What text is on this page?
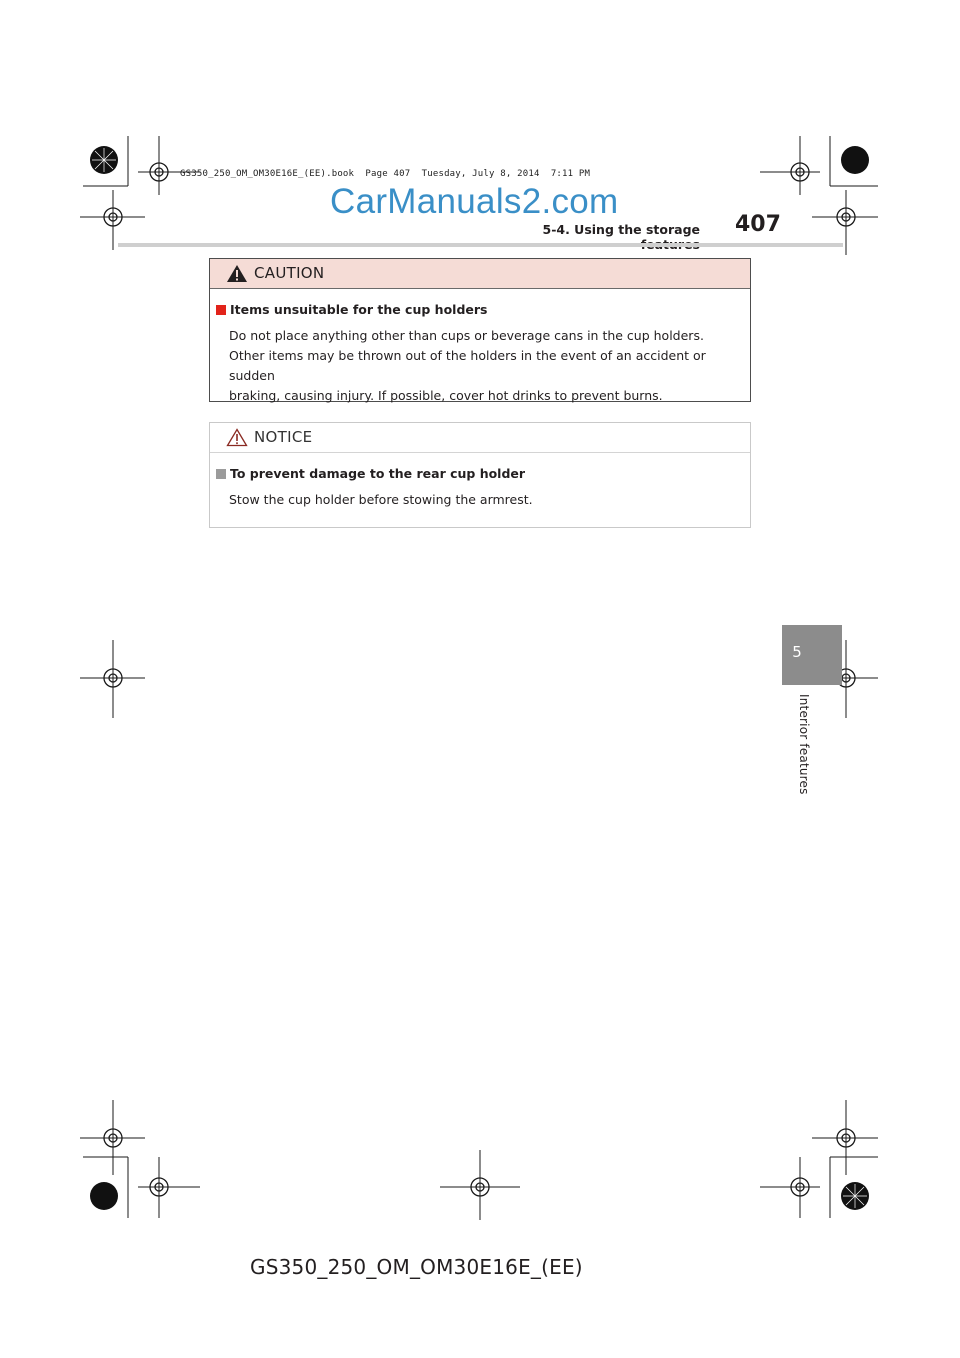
GS350_250_OM_OM30E16E_(EE).book  Page 407  Tuesday, July 8, 2014  7:11 PM
CarManuals2.com
5-4. Using the storage 407
CAUTION
Items unsuitable for the cup holders
Do not place anything other than cups or beverage cans in the cup holders.
Other items may be thrown out of the holders in the event of an accident or sudden
braking, causing injury. If possible, cover hot drinks to prevent burns.
NOTICE
To prevent damage to the rear cup holder
Stow the cup holder before stowing the armrest.
5
Interior features
GS350_250_OM_OM30E16E_(EE)
